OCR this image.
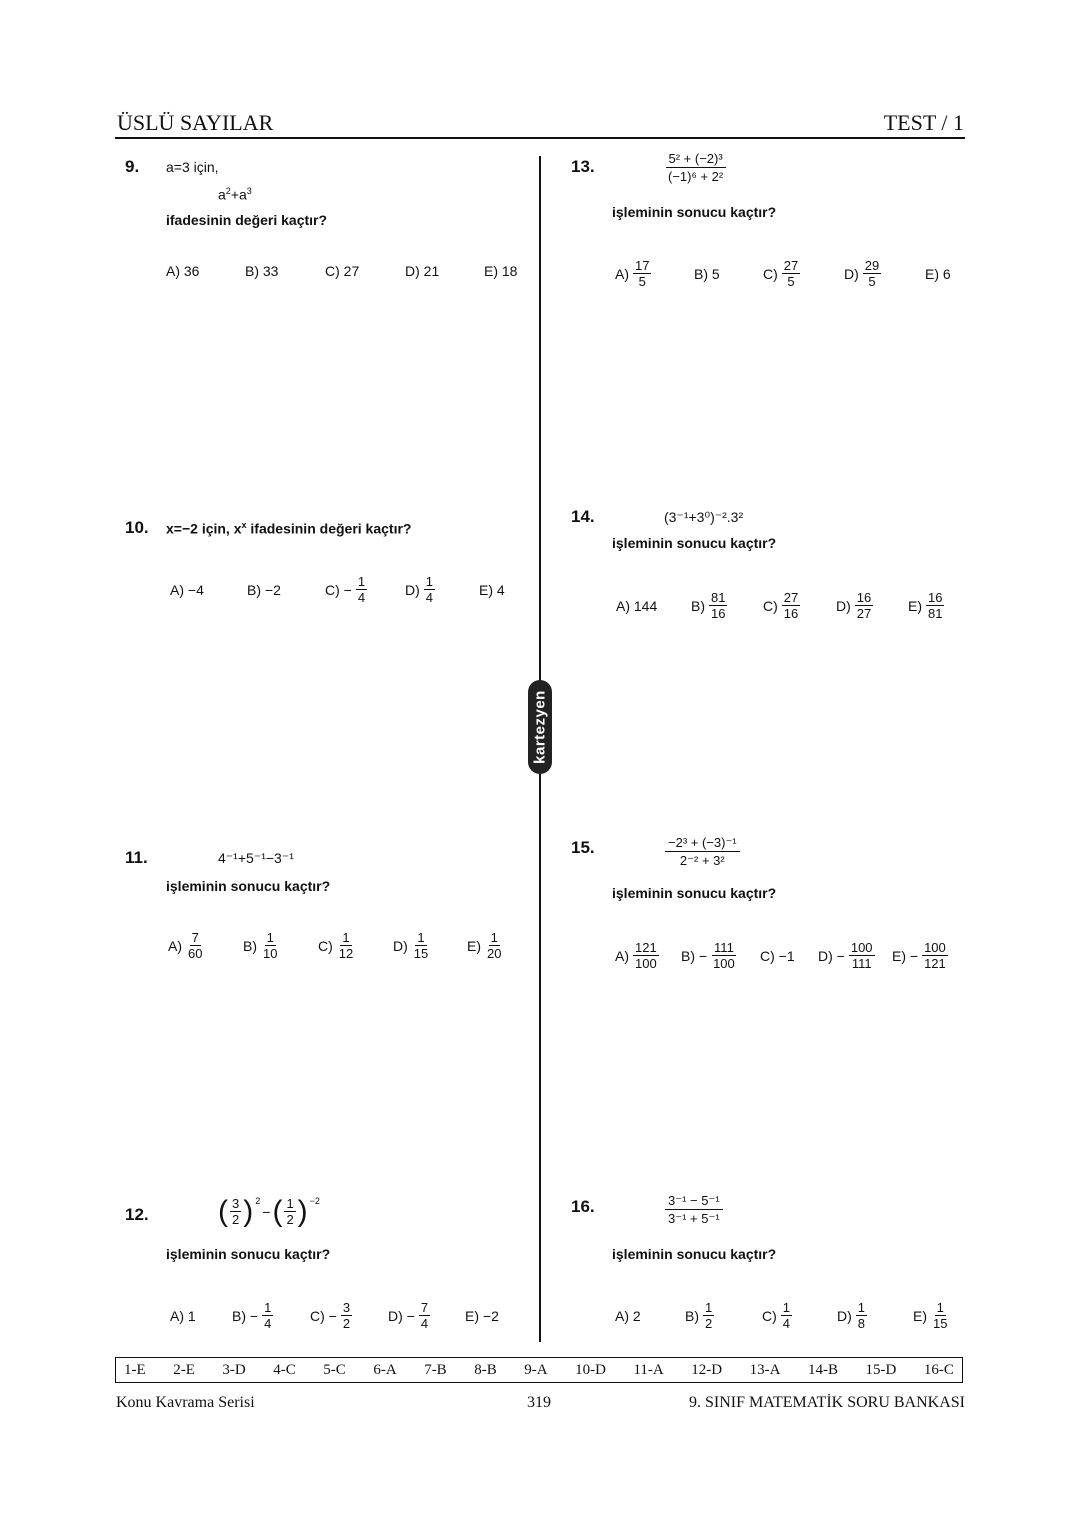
ÜSLÜ SAYILAR	TEST / 1
kartezyen
9. a=3 için,
$a^2+a^3$
ifadesinin değeri kaçtır?
A) 36	B) 33	C) 27	D) 21	E) 18
10. x=−2 için, $x^x$ ifadesinin değeri kaçtır?
A) −4	B) −2	$C) - \frac{1}{4}$	$D) \frac{1}{4}$	E) 4
11.	4⁻¹+5⁻¹−3⁻¹
işleminin sonucu kaçtır?
$A) \frac{7}{60}$	$B) \frac{1}{10}$	$C) \frac{1}{12}$	$D) \frac{1}{15}$	$E) \frac{1}{20}$
12. ( $\frac{3}{2} )^2$
− ( $\frac{1}{2} )^{-2}$
işleminin sonucu kaçtır?
A) 1	$B) - \frac{1}{4}$	$C) - \frac{3}{2}$	$D) - \frac{7}{4} E) -2$
13.	$\frac{\text{5² + (−2)³}}{\text{(−1)⁶ + 2²}}$
işleminin sonucu kaçtır?
$A) \frac{17}{5}$	B) 5	$C) \frac{27}{5}$	$D) \frac{29}{5}$	E) 6
14.	(3⁻¹+3⁰)⁻².3²
işleminin sonucu kaçtır?
A) 144 $B) \frac{81}{16}$	$C) \frac{27}{16}$	$D) \frac{16}{27} E) \frac{16}{81}$
15.	$\frac{\text{−2³ + (−3)⁻¹}}{\text{2⁻² + 3²}}$
işleminin sonucu kaçtır?
$A) \frac{121}{100} B) - \frac{111}{100} C) -1$ $D) - \frac{100}{111} E) - \frac{100}{121}$
16.	$\frac{\text{3⁻¹ − 5⁻¹}}{\text{3⁻¹ + 5⁻¹}}$
işleminin sonucu kaçtır?
A) 2	$B) \frac{1}{2}$	$C) \frac{1}{4}$	$D) \frac{1}{8}$	$E) \frac{1}{15}$
1-E 2-E 3-D 4-C 5-C 6-A 7-B 8-B 9-A 10-D 11-A 12-D 13-A 14-B 15-D 16-C
Konu Kavrama Serisi	319	9. SINIF MATEMATİK SORU BANKASI
